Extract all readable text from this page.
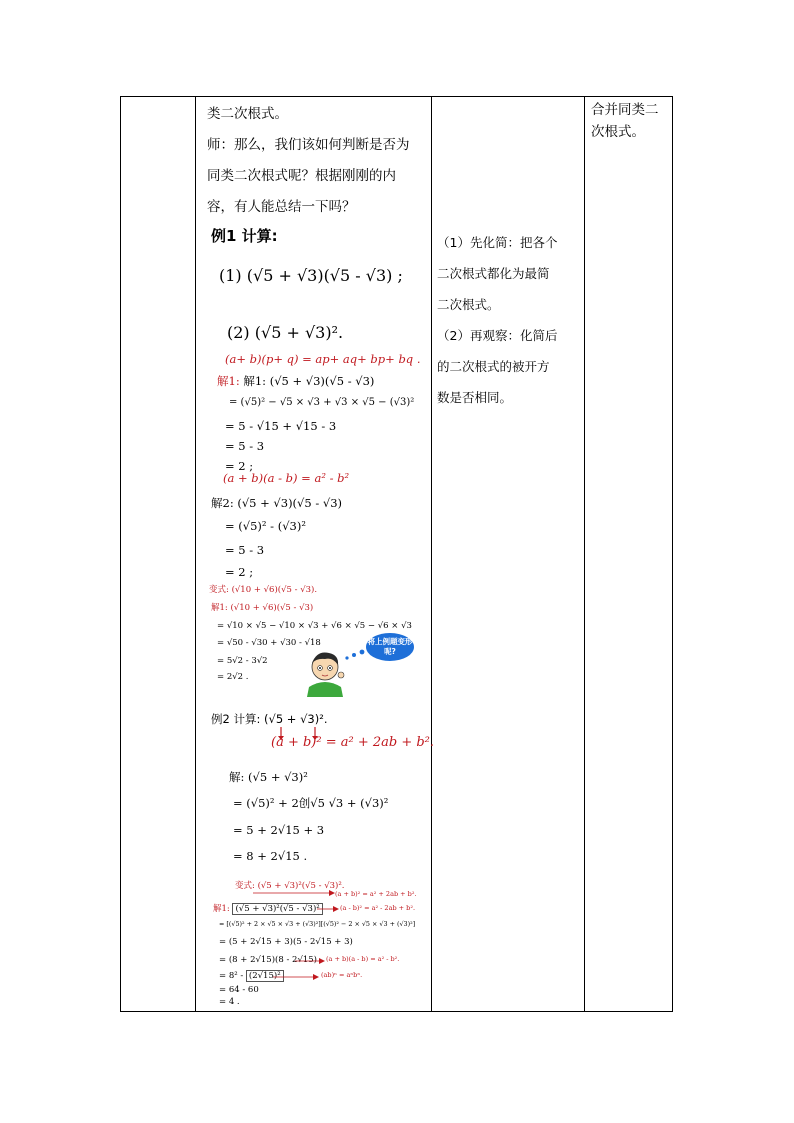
类二次根式。
师：那么，我们该如何判断是否为
同类二次根式呢？根据刚刚的内
容，有人能总结一下吗？
例1 计算:
(1) (√5 + √3)(√5 - √3) ;
(2) (√5 + √3)².
(a+ b)(p+ q) = ap+ aq+ bp+ bq .
解1: 解1: (√5 + √3)(√5 - √3)
= (√5)² − √5 × √3 + √3 × √5 − (√3)²
= 5 - √15 + √15 - 3
= 5 - 3
= 2 ;
(a + b)(a - b) = a² - b²
解2: (√5 + √3)(√5 - √3)
= (√5)² - (√3)²
= 5 - 3
= 2 ;
变式: (√10 + √6)(√5 - √3).
解1: (√10 + √6)(√5 - √3)
= √10 × √5 − √10 × √3 + √6 × √5 − √6 × √3
= √50 - √30 + √30 - √18
= 5√2 - 3√2
= 2√2 .
例2 计算: (√5 + √3)².
(a + b)² = a² + 2ab + b².
解: (√5 + √3)²
= (√5)² + 2创√5 √3 + (√3)²
= 5 + 2√15 + 3
= 8 + 2√15 .
变式: (√5 + √3)²(√5 - √3)².
(a + b)² = a² + 2ab + b².
解1: (√5 + √3)²(√5 - √3)²	(a - b)² = a² - 2ab + b².
= [(√5)² + 2 × √5 × √3 + (√3)²][(√5)² − 2 × √5 × √3 + (√3)²]
= (5 + 2√15 + 3)(5 - 2√15 + 3)
= (8 + 2√15)(8 - 2√15) (a + b)(a - b) = a² - b².
= 8² - (2√15)²	(ab)ⁿ = aⁿbⁿ.
= 64 - 60
= 4 .
将上例题变形呢?
（1）先化简：把各个
二次根式都化为最简
二次根式。
（2）再观察：化简后
的二次根式的被开方
数是否相同。
合并同类二
次根式。
